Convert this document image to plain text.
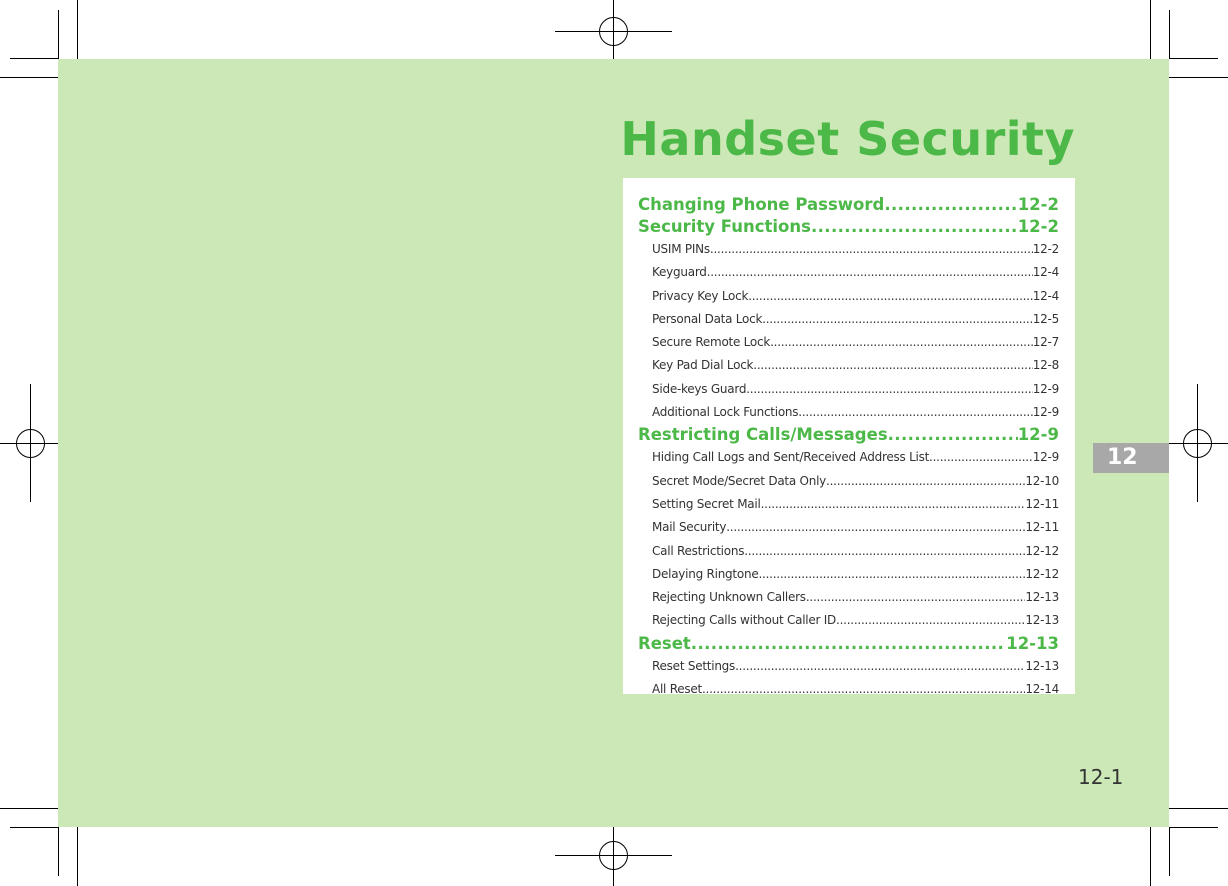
Handset Security
12
Changing Phone Password .....	12-2
Security Functions .....	12-2
USIM PINs .....	12-2
Keyguard .....	12-4
Privacy Key Lock .....	12-4
Personal Data Lock .....	12-5
Secure Remote Lock .....	12-7
Key Pad Dial Lock .....	12-8
Side-keys Guard .....	12-9
Additional Lock Functions .....	12-9
Restricting Calls/Messages .....	12-9
Hiding Call Logs and Sent/Received Address List .....	12-9
Secret Mode/Secret Data Only .....	12-10
Setting Secret Mail .....	12-11
Mail Security .....	12-11
Call Restrictions .....	12-12
Delaying Ringtone .....	12-12
Rejecting Unknown Callers .....	12-13
Rejecting Calls without Caller ID .....	12-13
Reset .....	12-13
Reset Settings .....	12-13
All Reset .....	12-14
12-1
